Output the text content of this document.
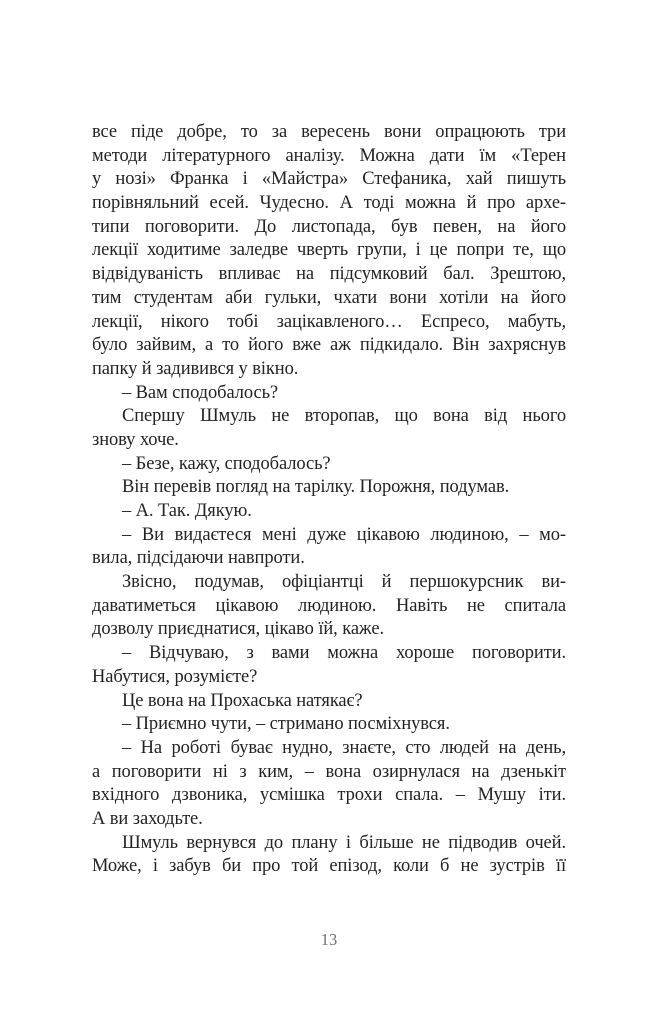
все піде добре, то за вересень вони опрацюють три
методи літературного аналізу. Можна дати їм «Терен
у нозі» Франка і «Майстра» Стефаника, хай пишуть
порівняльний есей. Чудесно. А тоді можна й про архе-
типи поговорити. До листопада, був певен, на його
лекції ходитиме заледве чверть групи, і це попри те, що
відвідуваність впливає на підсумковий бал. Зрештою,
тим студентам аби гульки, чхати вони хотіли на його
лекції, нікого тобі зацікавленого… Еспресо, мабуть,
було зайвим, а то його вже аж підкидало. Він захряснув
папку й задивився у вікно.
– Вам сподобалось?
Спершу Шмуль не второпав, що вона від нього
знову хоче.
– Безе, кажу, сподобалось?
Він перевів погляд на тарілку. Порожня, подумав.
– А. Так. Дякую.
– Ви видаєтеся мені дуже цікавою людиною, – мо-
вила, підсідаючи навпроти.
Звісно, подумав, офіціантці й першокурсник ви-
даватиметься цікавою людиною. Навіть не спитала
дозволу приєднатися, цікаво їй, каже.
– Відчуваю, з вами можна хороше поговорити.
Набутися, розумієте?
Це вона на Прохаська натякає?
– Приємно чути, – стримано посміхнувся.
– На роботі буває нудно, знаєте, сто людей на день,
а поговорити ні з ким, – вона озирнулася на дзенькіт
вхідного дзвоника, усмішка трохи спала. – Мушу іти.
А ви заходьте.
Шмуль вернувся до плану і більше не підводив очей.
Може, і забув би про той епізод, коли б не зустрів її
13
